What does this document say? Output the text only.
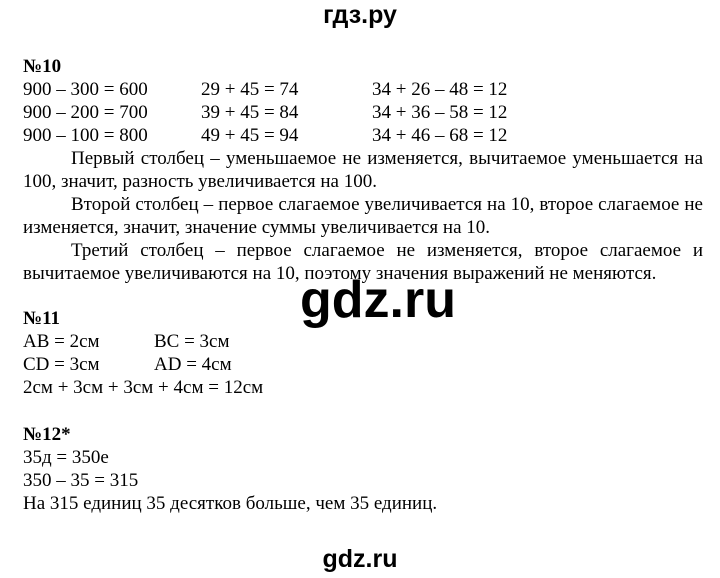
гдз.ру
№10
900 – 300 = 600	29 + 45 = 74	34 + 26 – 48 = 12
900 – 200 = 700	39 + 45 = 84	34 + 36 – 58 = 12
900 – 100 = 800	49 + 45 = 94	34 + 46 – 68 = 12
Первый столбец – уменьшаемое не изменяется, вычитаемое уменьшается на 100, значит, разность увеличивается на 100.
Второй столбец – первое слагаемое увеличивается на 10, второе слагаемое не изменяется, значит, значение суммы увеличивается на 10.
Третий столбец – первое слагаемое не изменяется, второе слагаемое и вычитаемое увеличиваются на 10, поэтому значения выражений не меняются.
№11
AB = 2см	BC = 3см
CD = 3см	AD = 4см
2см + 3см + 3см + 4см = 12см
№12*
35д = 350е
350 – 35 = 315
На 315 единиц 35 десятков больше, чем 35 единиц.
gdz.ru
gdz.ru
